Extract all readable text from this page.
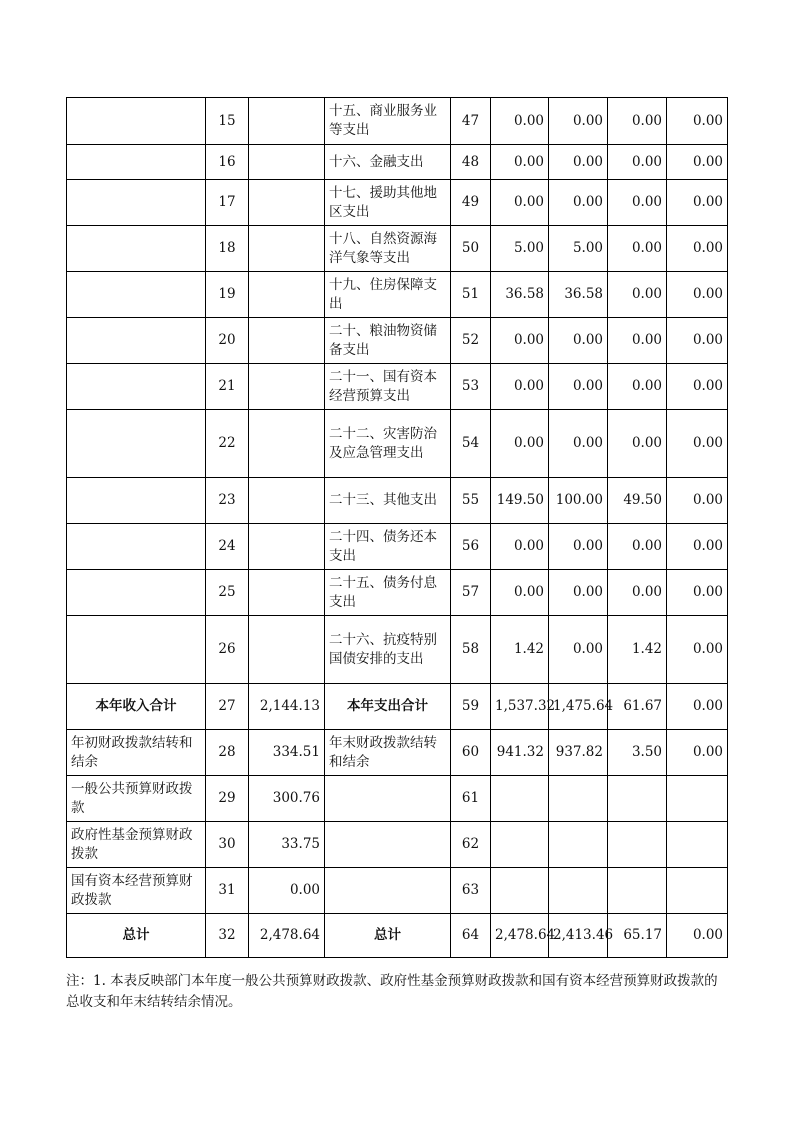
	15		十五、商业服务业等支出	47	0.00	0.00	0.00	0.00
	16		十六、金融支出	48	0.00	0.00	0.00	0.00
	17		十七、援助其他地区支出	49	0.00	0.00	0.00	0.00
	18		十八、自然资源海洋气象等支出	50	5.00	5.00	0.00	0.00
	19		十九、住房保障支出	51	36.58	36.58	0.00	0.00
	20		二十、粮油物资储备支出	52	0.00	0.00	0.00	0.00
	21		二十一、国有资本经营预算支出	53	0.00	0.00	0.00	0.00
	22		二十二、灾害防治及应急管理支出	54	0.00	0.00	0.00	0.00
	23		二十三、其他支出	55	149.50	100.00	49.50	0.00
	24		二十四、债务还本支出	56	0.00	0.00	0.00	0.00
	25		二十五、债务付息支出	57	0.00	0.00	0.00	0.00
	26		二十六、抗疫特别国债安排的支出	58	1.42	0.00	1.42	0.00
本年收入合计	27	2,144.13	本年支出合计	59	1,537.32	1,475.64	61.67	0.00
年初财政拨款结转和结余	28	334.51	年末财政拨款结转和结余	60	941.32	937.82	3.50	0.00
一般公共预算财政拨款	29	300.76		61				
政府性基金预算财政拨款	30	33.75		62				
国有资本经营预算财政拨款	31	0.00		63				
总计	32	2,478.64	总计	64	2,478.64	2,413.46	65.17	0.00
注：1. 本表反映部门本年度一般公共预算财政拨款、政府性基金预算财政拨款和国有资本经营预算财政拨款的总收支和年末结转结余情况。
